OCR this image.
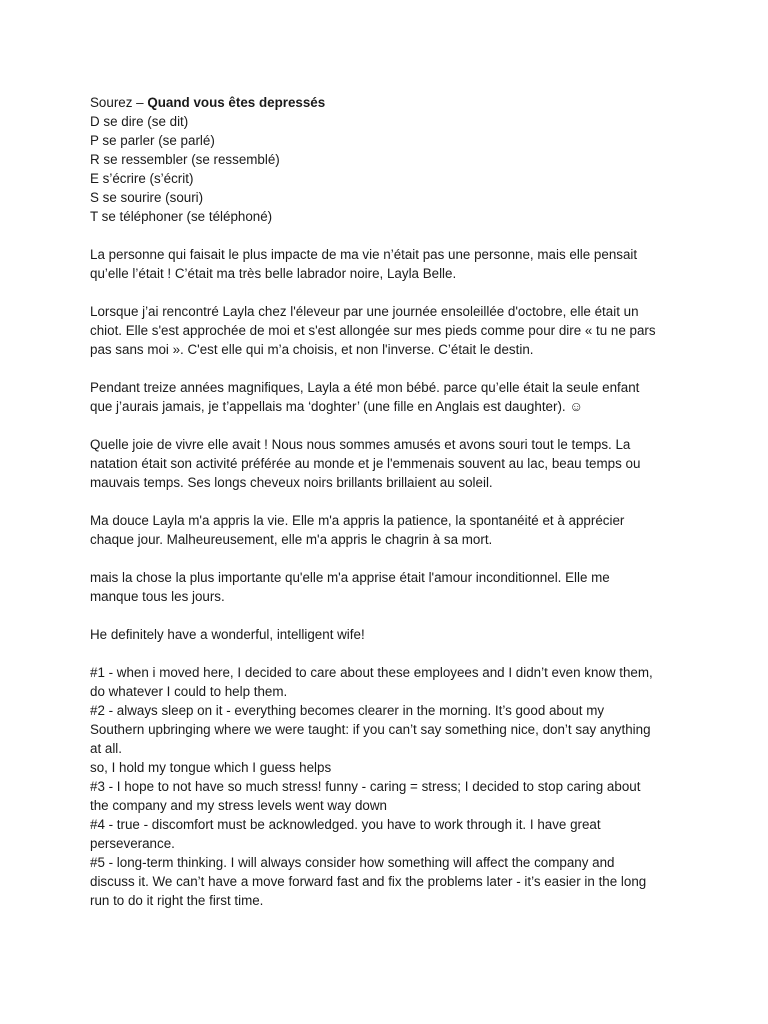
Sourez – Quand vous êtes depressés

D se dire (se dit)

P se parler (se parlé)

R se ressembler (se ressemblé)

E s’écrire (s’écrit)

S se sourire (souri)

T se téléphoner (se téléphoné)

La personne qui faisait le plus impacte de ma vie n’était pas une personne, mais elle pensait

qu’elle l’était ! C’était ma très belle labrador noire, Layla Belle.

Lorsque j’ai rencontré Layla chez l'éleveur par une journée ensoleillée d'octobre, elle était un

chiot. Elle s'est approchée de moi et s'est allongée sur mes pieds comme pour dire « tu ne pars

pas sans moi ». C'est elle qui m’a choisis, et non l'inverse. C’était le destin.

Pendant treize années magnifiques, Layla a été mon bébé. parce qu’elle était la seule enfant

que j’aurais jamais, je t’appellais ma ‘doghter’ (une fille en Anglais est daughter). ☺

Quelle joie de vivre elle avait ! Nous nous sommes amusés et avons souri tout le temps. La

natation était son activité préférée au monde et je l'emmenais souvent au lac, beau temps ou

mauvais temps. Ses longs cheveux noirs brillants brillaient au soleil.

Ma douce Layla m'a appris la vie. Elle m'a appris la patience, la spontanéité et à apprécier

chaque jour. Malheureusement, elle m'a appris le chagrin à sa mort.

mais la chose la plus importante qu'elle m'a apprise était l'amour inconditionnel. Elle me

manque tous les jours.

He definitely have a wonderful, intelligent wife!

#1 - when i moved here, I decided to care about these employees and I didn’t even know them,

do whatever I could to help them.

#2 - always sleep on it - everything becomes clearer in the morning. It’s good about my

Southern upbringing where we were taught: if you can’t say something nice, don’t say anything

at all.

so, I hold my tongue which I guess helps

#3 - I hope to not have so much stress! funny - caring = stress; I decided to stop caring about

the company and my stress levels went way down

#4 - true - discomfort must be acknowledged. you have to work through it. I have great

perseverance.

#5 - long-term thinking. I will always consider how something will affect the company and

discuss it. We can’t have a move forward fast and fix the problems later - it’s easier in the long

run to do it right the first time.
